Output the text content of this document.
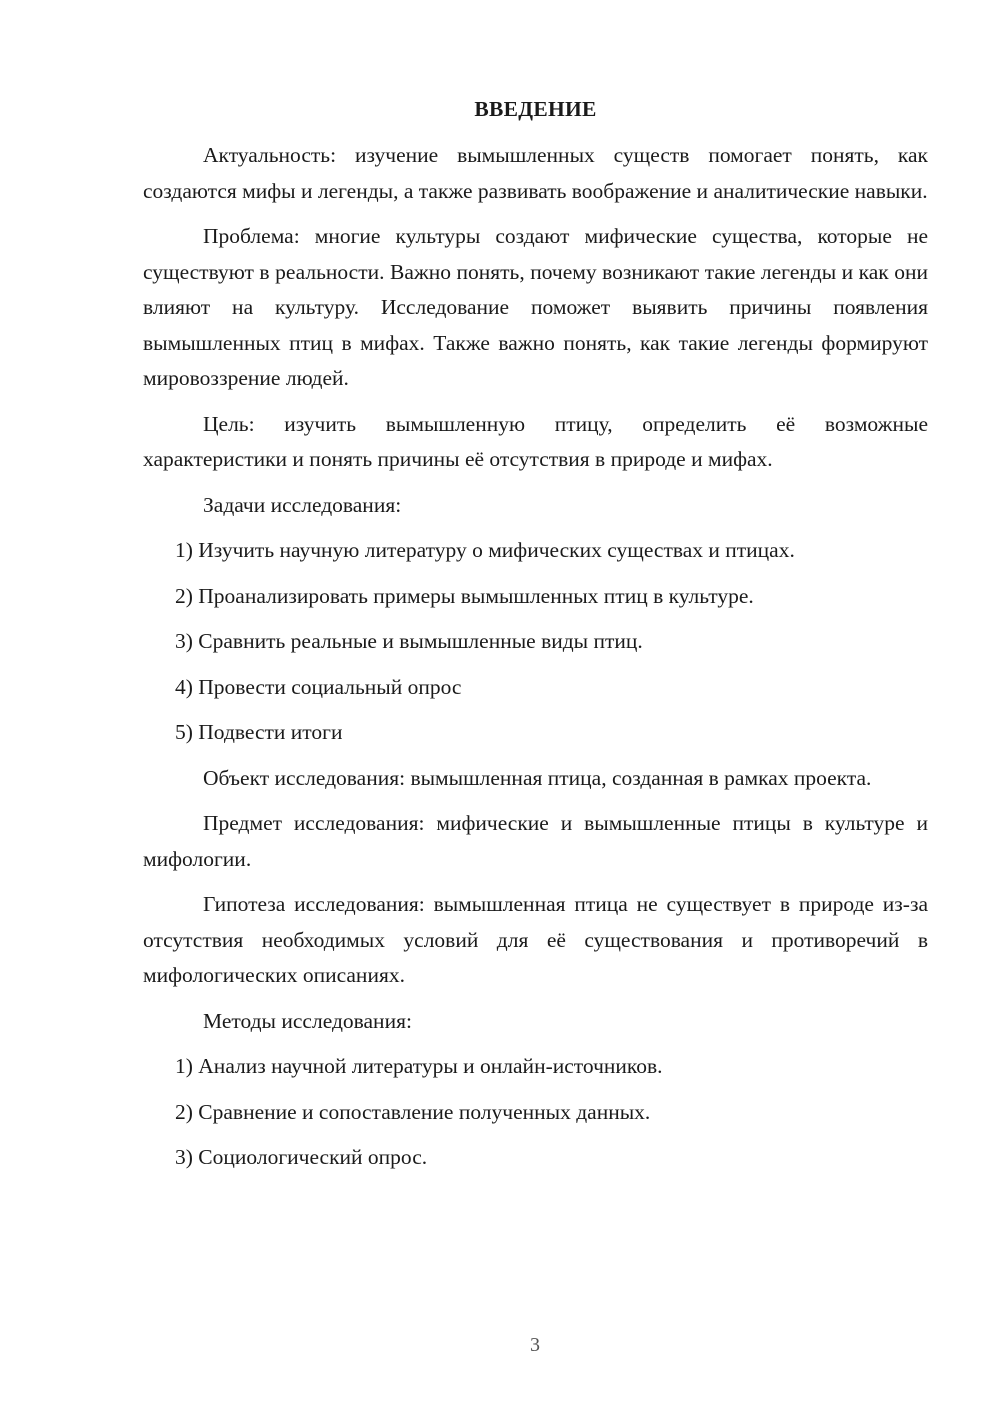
ВВЕДЕНИЕ
Актуальность: изучение вымышленных существ помогает понять, как создаются мифы и легенды, а также развивать воображение и аналитические навыки.
Проблема: многие культуры создают мифические существа, которые не существуют в реальности. Важно понять, почему возникают такие легенды и как они влияют на культуру. Исследование поможет выявить причины появления вымышленных птиц в мифах. Также важно понять, как такие легенды формируют мировоззрение людей.
Цель: изучить вымышленную птицу, определить её возможные характеристики и понять причины её отсутствия в природе и мифах.
Задачи исследования:
1) Изучить научную литературу о мифических существах и птицах.
2) Проанализировать примеры вымышленных птиц в культуре.
3) Сравнить реальные и вымышленные виды птиц.
4) Провести социальный опрос
5) Подвести итоги
Объект исследования: вымышленная птица, созданная в рамках проекта.
Предмет исследования: мифические и вымышленные птицы в культуре и мифологии.
Гипотеза исследования: вымышленная птица не существует в природе из-за отсутствия необходимых условий для её существования и противоречий в мифологических описаниях.
Методы исследования:
1) Анализ научной литературы и онлайн-источников.
2) Сравнение и сопоставление полученных данных.
3) Социологический опрос.
3
